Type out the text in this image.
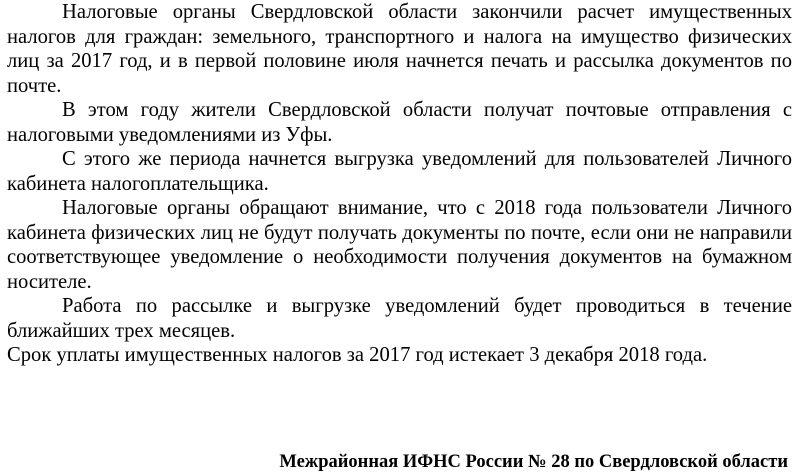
Налоговые органы Свердловской области закончили расчет имущественных налогов для граждан: земельного, транспортного и налога на имущество физических лиц за 2017 год, и в первой половине июля начнется печать и рассылка документов по почте.

В этом году жители Свердловской области получат почтовые отправления с налоговыми уведомлениями из Уфы.

С этого же периода начнется выгрузка уведомлений для пользователей Личного кабинета налогоплательщика.

Налоговые органы обращают внимание, что с 2018 года пользователи Личного кабинета физических лиц не будут получать документы по почте, если они не направили соответствующее уведомление о необходимости получения документов на бумажном носителе.

Работа по рассылке и выгрузке уведомлений будет проводиться в течение ближайших трех месяцев.

Срок уплаты имущественных налогов за 2017 год истекает 3 декабря 2018 года.

Межрайонная ИФНС России № 28 по Свердловской области
